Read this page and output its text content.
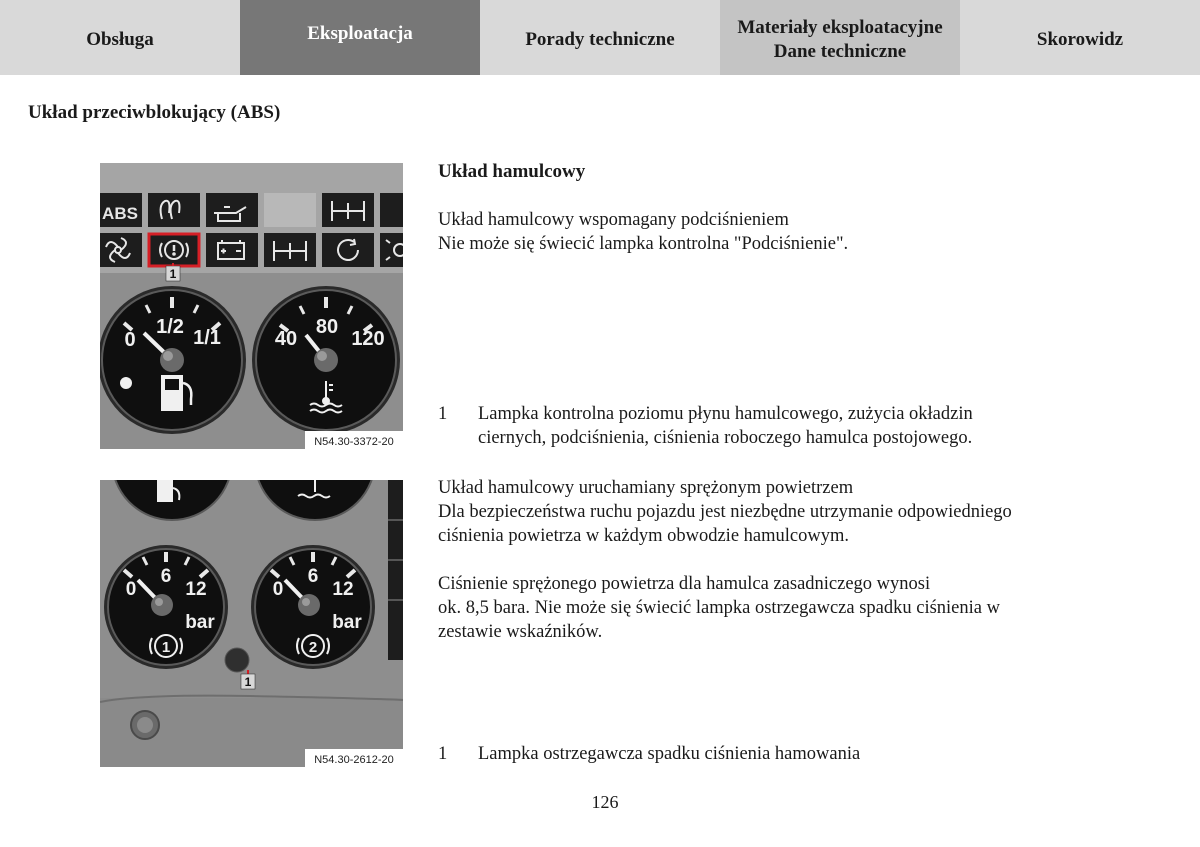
Obsługa	Eksploatacja	Porady techniczne
Materiały eksploatacyjne
Dane techniczne
Skorowidz
Układ przeciwblokujący (ABS)
ABS
1
0
1/2 1/1	40
80
120
N54.30-3372-20
0
6
12
bar
1
0
6
12
bar
2
1
N54.30-2612-20
Układ hamulcowy
Układ hamulcowy wspomagany podciśnieniem
Nie może się świecić lampka kontrolna "Podciśnienie".
1 Lampka kontrolna poziomu płynu hamulcowego, zużycia okładzin
ciernych, podciśnienia, ciśnienia roboczego hamulca postojowego.
Układ hamulcowy uruchamiany sprężonym powietrzem
Dla bezpieczeństwa ruchu pojazdu jest niezbędne utrzymanie odpowiedniego
ciśnienia powietrza w każdym obwodzie hamulcowym.
Ciśnienie sprężonego powietrza dla hamulca zasadniczego wynosi
ok. 8,5 bara. Nie może się świecić lampka ostrzegawcza spadku ciśnienia w
zestawie wskaźników.
1 Lampka ostrzegawcza spadku ciśnienia hamowania
126
